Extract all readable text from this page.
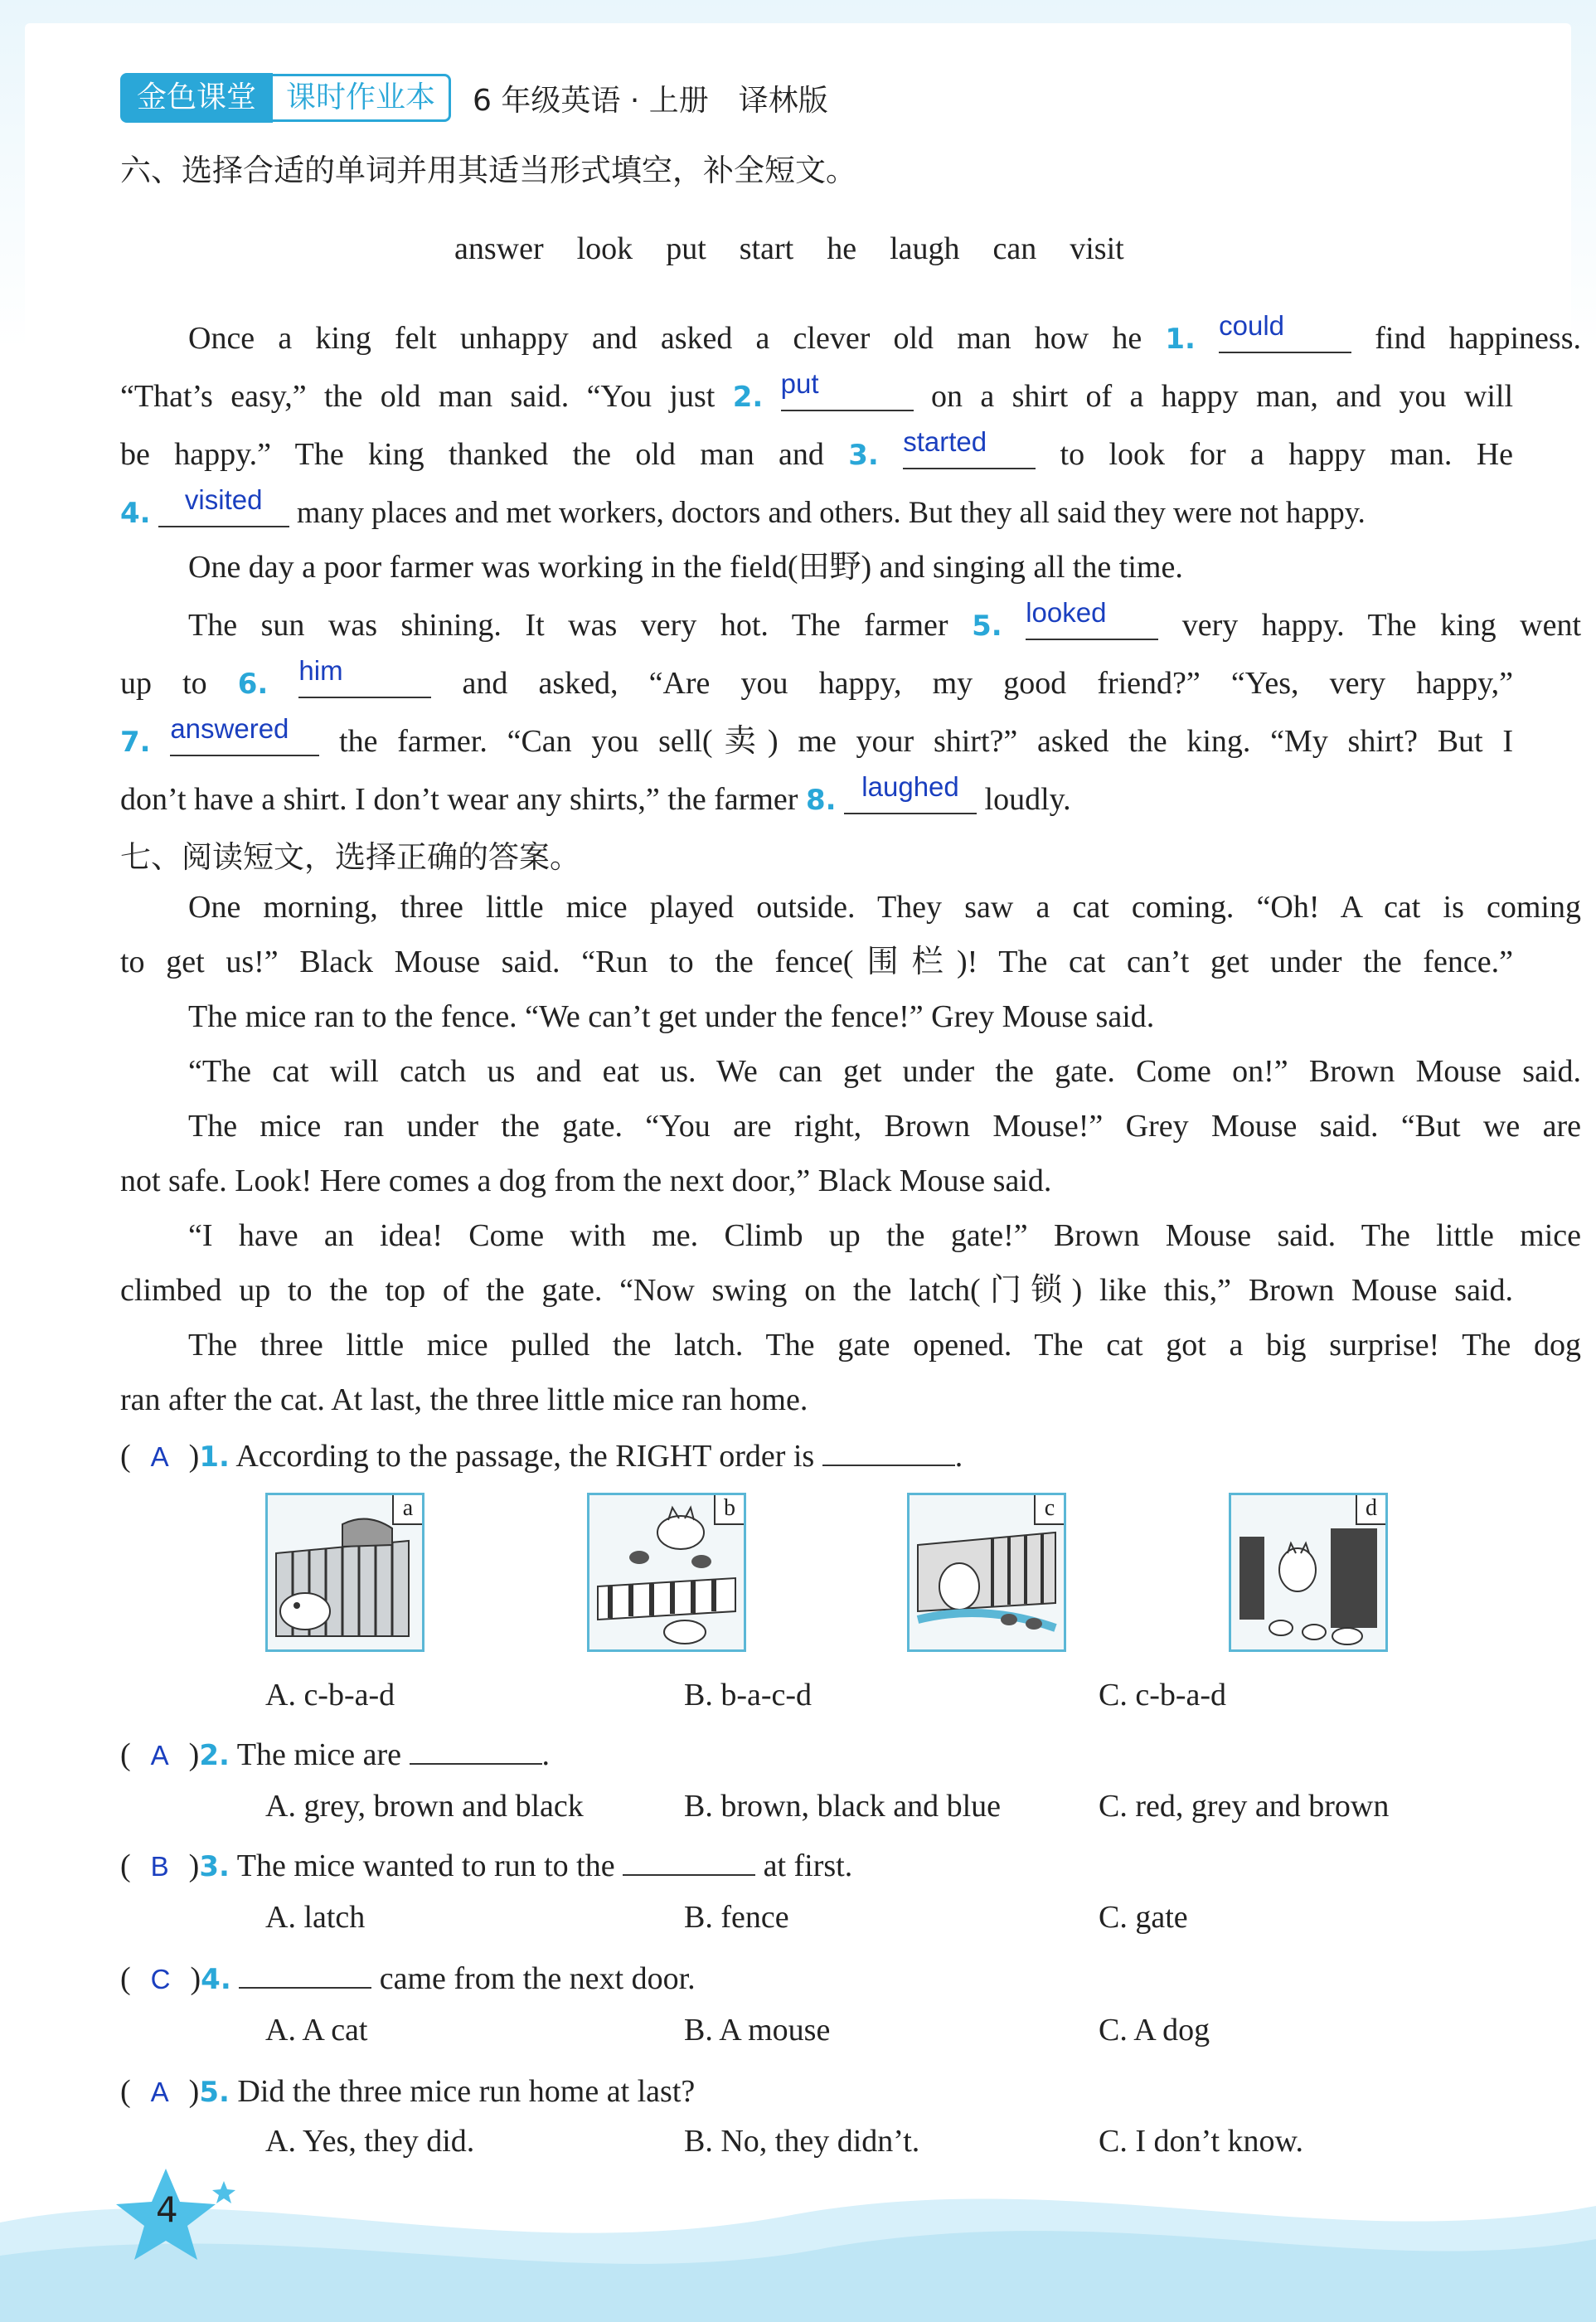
金色课堂	课时作业本	6 年级英语 · 上册 译林版
六、选择合适的单词并用其适当形式填空，补全短文。
answer look put start he laugh can visit
Once a king felt unhappy and asked a clever old man how he 1. could find happiness.
“That’s easy,” the old man said. “You just 2. put	on a shirt of a happy man, and you will
be happy.” The king thanked the old man and 3. started to look for a happy man. He
4. visited many places and met workers, doctors and others. But they all said they were not happy.
One day a poor farmer was working in the field(田野) and singing all the time.
The sun was shining. It was very hot. The farmer 5. looked very happy. The king went
up to 6. him	and asked, “Are you happy, my good friend?” “Yes, very happy,”
7. answered the farmer. “Can you sell(卖) me your shirt?” asked the king. “My shirt? But I
don’t have a shirt. I don’t wear any shirts,” the farmer 8. laughed loudly.
七、阅读短文，选择正确的答案。
One morning, three little mice played outside. They saw a cat coming. “Oh! A cat is coming
to get us!” Black Mouse said. “Run to the fence(围栏)! The cat can’t get under the fence.”
The mice ran to the fence. “We can’t get under the fence!” Grey Mouse said.
“The cat will catch us and eat us. We can get under the gate. Come on!” Brown Mouse said.
The mice ran under the gate. “You are right, Brown Mouse!” Grey Mouse said. “But we are
not safe. Look! Here comes a dog from the next door,” Black Mouse said.
“I have an idea! Come with me. Climb up the gate!” Brown Mouse said. The little mice
climbed up to the top of the gate. “Now swing on the latch(门锁) like this,” Brown Mouse said.
The three little mice pulled the latch. The gate opened. The cat got a big surprise! The dog
ran after the cat. At last, the three little mice ran home.
( A )1. According to the passage, the RIGHT order is	.
a	b	c	d
A. c-b-a-d	B. b-a-c-d	C. c-b-a-d
( A )2. The mice are	.
A. grey, brown and black	B. brown, black and blue	C. red, grey and brown
( B )3. The mice wanted to run to the	at first.
A. latch	B. fence	C. gate
( C )4.	came from the next door.
A. A cat	B. A mouse	C. A dog
( A )5. Did the three mice run home at last?
A. Yes, they did.	B. No, they didn’t.	C. I don’t know.
4
